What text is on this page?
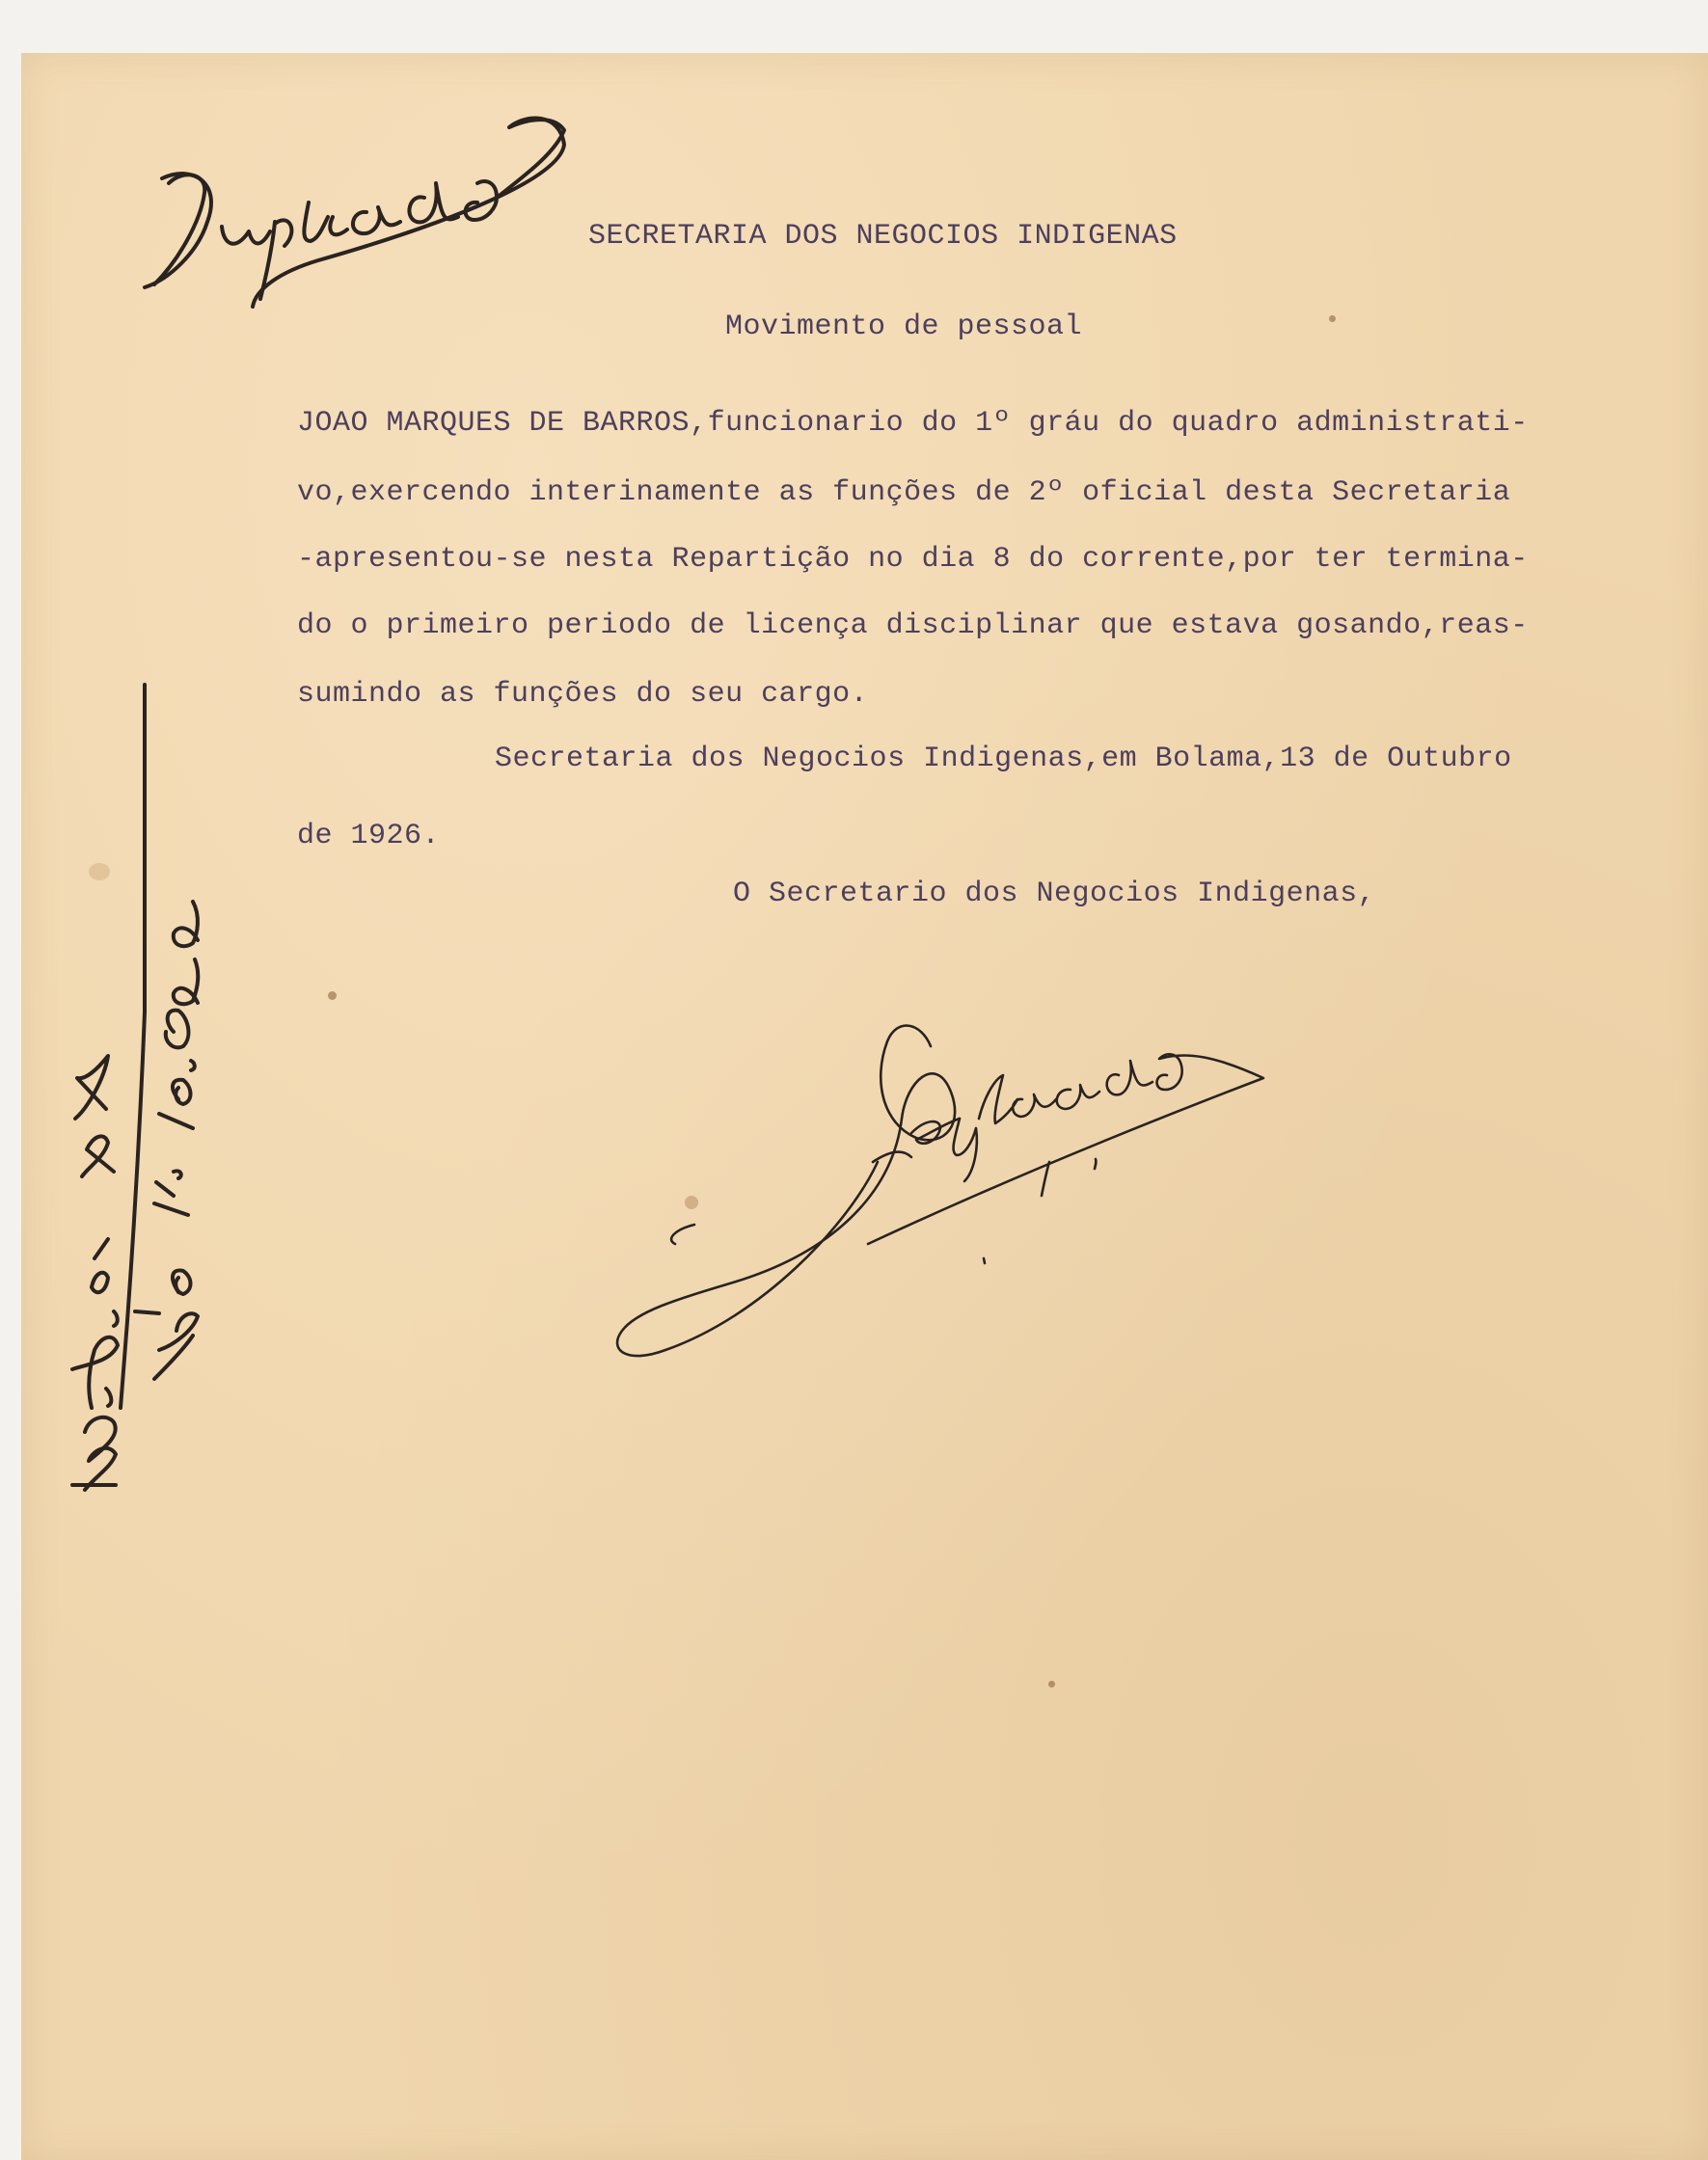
SECRETARIA DOS NEGOCIOS INDIGENAS
Movimento de pessoal
JOAO MARQUES DE BARROS,funcionario do 1º gráu do quadro administrati-
vo,exercendo interinamente as funções de 2º oficial desta Secretaria
-apresentou-se nesta Repartição no dia 8 do corrente,por ter termina-
do o primeiro periodo de licença disciplinar que estava gosando,reas-
sumindo as funções do seu cargo.
Secretaria dos Negocios Indigenas,em Bolama,13 de Outubro
de 1926.
O Secretario dos Negocios Indigenas,
